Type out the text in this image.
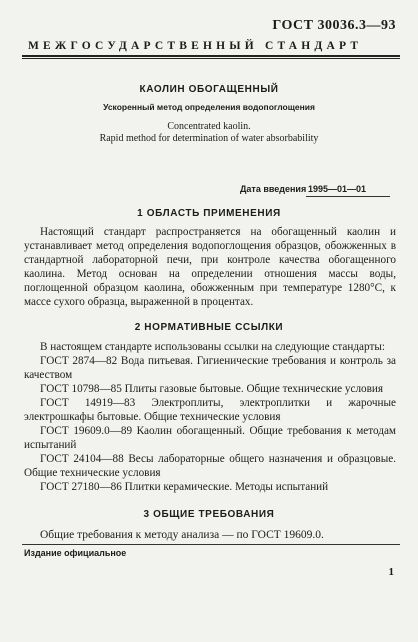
ГОСТ 30036.3—93
МЕЖГОСУДАРСТВЕННЫЙ СТАНДАРТ
КАОЛИН ОБОГАЩЕННЫЙ
Ускоренный метод определения водопоглощения
Concentrated kaolin.
Rapid method for determination of water absorbability
Дата введения 1995—01—01
1 ОБЛАСТЬ ПРИМЕНЕНИЯ

Настоящий стандарт распространяется на обогащенный каолин и устанавливает метод определения водопоглощения образцов, обожженных в стандартной лабораторной печи, при контроле качества обогащенного каолина. Метод основан на определении отношения массы воды, поглощенной образцом каолина, обожженным при температуре 1280°С, к массе сухого образца, выраженной в процентах.

2 НОРМАТИВНЫЕ ССЫЛКИ

В настоящем стандарте использованы ссылки на следующие стандарты:

ГОСТ 2874—82 Вода питьевая. Гигиенические требования и контроль за качеством

ГОСТ 10798—85 Плиты газовые бытовые. Общие технические условия

ГОСТ 14919—83 Электроплиты, электроплитки и жарочные электрошкафы бытовые. Общие технические условия

ГОСТ 19609.0—89 Каолин обогащенный. Общие требования к методам испытаний

ГОСТ 24104—88 Весы лабораторные общего назначения и образцовые. Общие технические условия

ГОСТ 27180—86 Плитки керамические. Методы испытаний

3 ОБЩИЕ ТРЕБОВАНИЯ

Общие требования к методу анализа — по ГОСТ 19609.0.

Издание официальное
1
